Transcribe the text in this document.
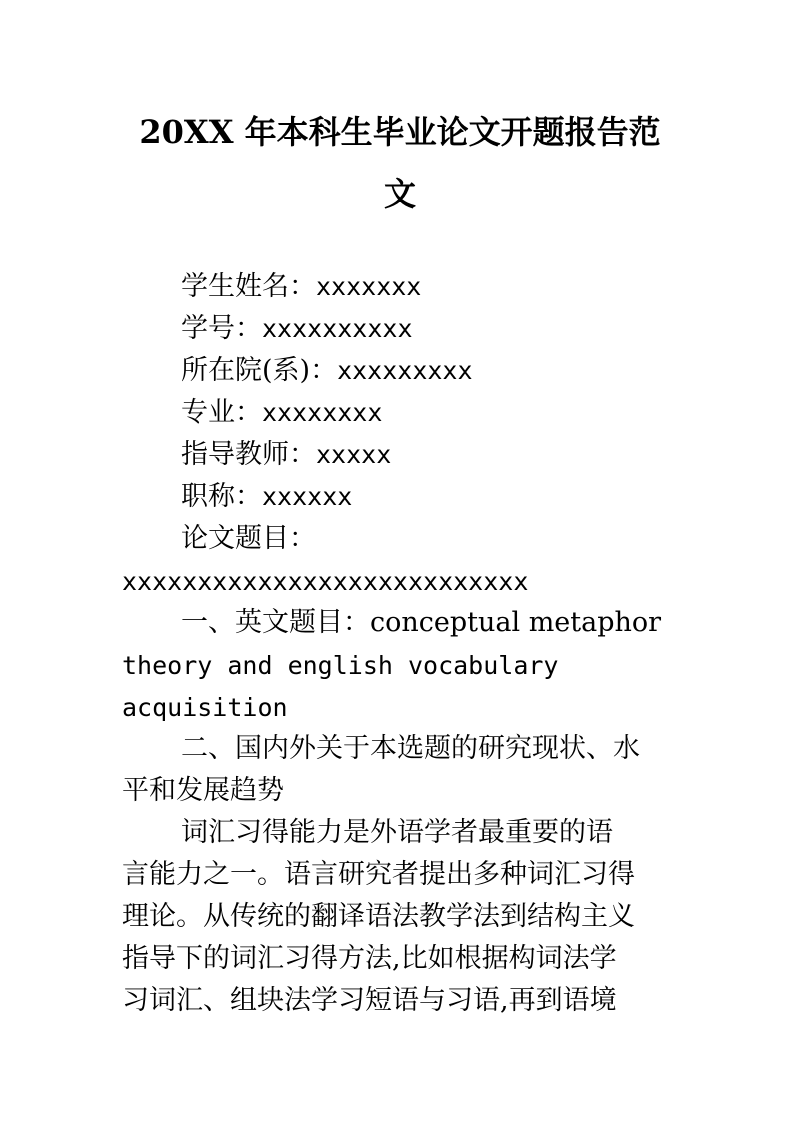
20XX 年本科生毕业论文开题报告范
文
学生姓名：xxxxxxx
学号：xxxxxxxxxx
所在院(系)：xxxxxxxxx
专业：xxxxxxxx
指导教师：xxxxx
职称：xxxxxx
论文题目：
xxxxxxxxxxxxxxxxxxxxxxxxxxx
一、英文题目：conceptual metaphor
theory and english vocabulary
acquisition
二、国内外关于本选题的研究现状、水
平和发展趋势
词汇习得能力是外语学者最重要的语
言能力之一。语言研究者提出多种词汇习得
理论。从传统的翻译语法教学法到结构主义
指导下的词汇习得方法,比如根据构词法学
习词汇、组块法学习短语与习语,再到语境
